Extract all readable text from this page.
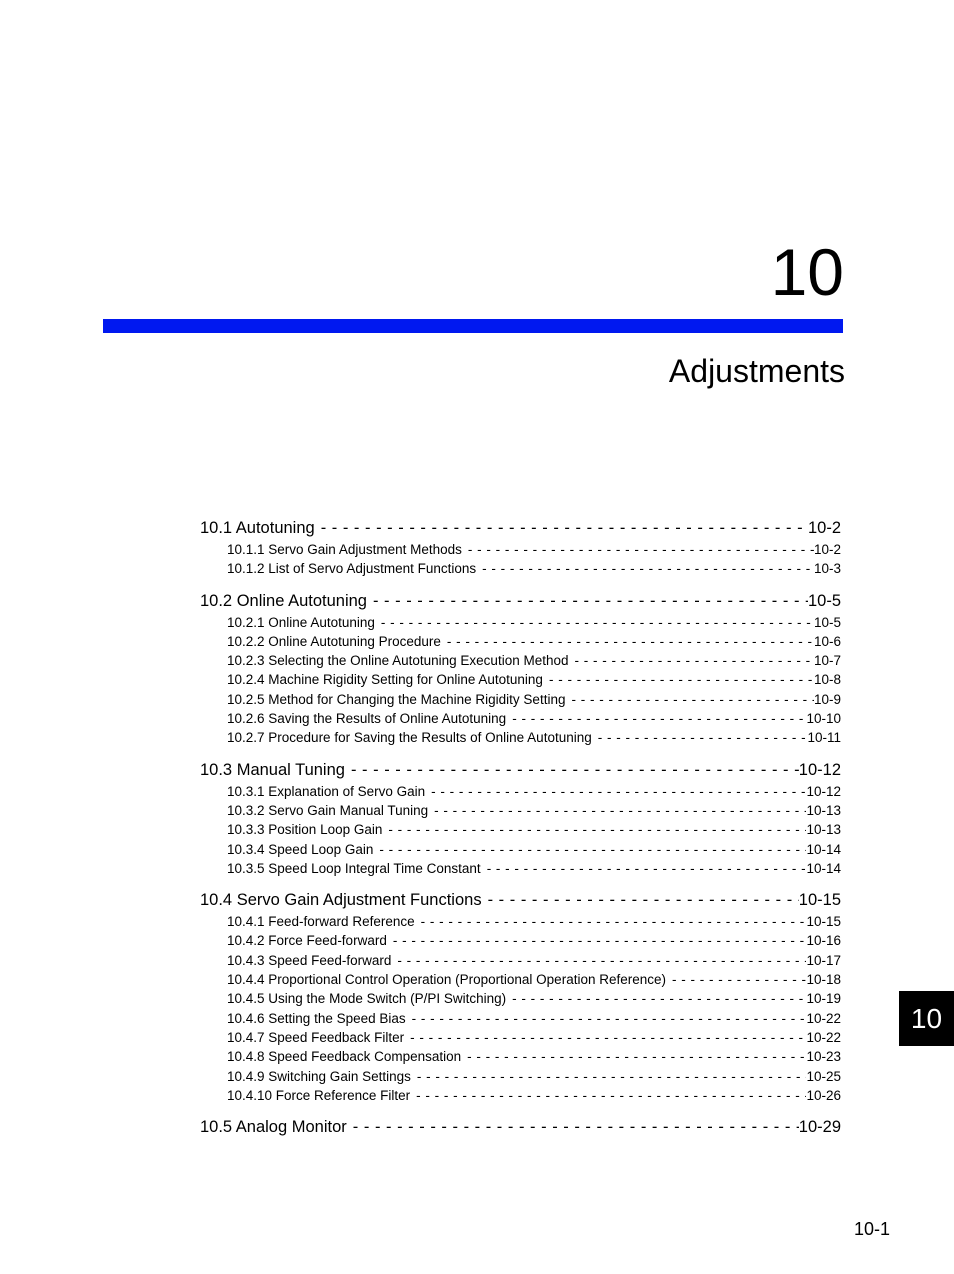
10
Adjustments
10.1 Autotuning - - -	10-2
10.1.1 Servo Gain Adjustment Methods - - -	10-2
10.1.2 List of Servo Adjustment Functions - - -	10-3
10.2 Online Autotuning - - -	10-5
10.2.1 Online Autotuning - - -	10-5
10.2.2 Online Autotuning Procedure - - -	10-6
10.2.3 Selecting the Online Autotuning Execution Method - - -	10-7
10.2.4 Machine Rigidity Setting for Online Autotuning - - -	10-8
10.2.5 Method for Changing the Machine Rigidity Setting - - -	10-9
10.2.6 Saving the Results of Online Autotuning - - -	10-10
10.2.7 Procedure for Saving the Results of Online Autotuning - - -	10-11
10.3 Manual Tuning - - -	10-12
10.3.1 Explanation of Servo Gain - - -	10-12
10.3.2 Servo Gain Manual Tuning - - -	10-13
10.3.3 Position Loop Gain - - -	10-13
10.3.4 Speed Loop Gain - - -	10-14
10.3.5 Speed Loop Integral Time Constant - - -	10-14
10.4 Servo Gain Adjustment Functions - - -	10-15
10.4.1 Feed-forward Reference - - -	10-15
10.4.2 Force Feed-forward - - -	10-16
10.4.3 Speed Feed-forward - - -	10-17
10.4.4 Proportional Control Operation (Proportional Operation Reference) - - -	10-18
10.4.5 Using the Mode Switch (P/PI Switching) - - -	10-19
10.4.6 Setting the Speed Bias - - -	10-22
10.4.7 Speed Feedback Filter - - -	10-22
10.4.8 Speed Feedback Compensation - - -	10-23
10.4.9 Switching Gain Settings - - -	10-25
10.4.10 Force Reference Filter - - -	10-26
10.5 Analog Monitor - - -	10-29
10
10-1
